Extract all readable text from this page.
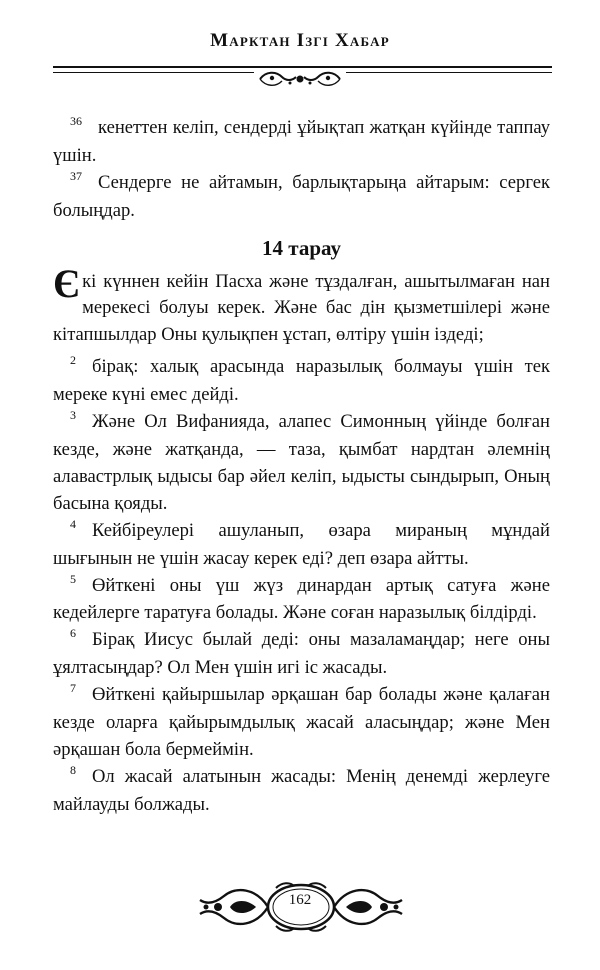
Марктан Ізгі Хабар

$^{36}$ кенеттен келіп, сендерді ұйықтап жатқан күйінде таппау үшін.

$^{37}$ Сендерге не айтамын, барлықтарыңа айтарым: сергек болыңдар.

14 тарау

Єкі күннен кейін Пасха және тұздалған, ашытылмаған нан мерекесі болуы керек. Және бас дін қызметшілері және кітапшылдар Оны қулықпен ұстап, өлтіру үшін іздеді;

$^2$ бірақ: халық арасында наразылық болмауы үшін тек мереке күні емес дейді.

$^3$ Және Ол Вифанияда, алапес Симонның үйінде болған кезде, және жатқанда, — таза, қымбат нардтан әлемнің алавастрлық ыдысы бар әйел келіп, ыдысты сындырып, Оның басына қояды.

$^4$ Кейбіреулері ашуланып, өзара мираның мұндай шығынын не үшін жасау керек еді? деп өзара айтты.

$^5$ Өйткені оны үш жүз динардан артық сатуға және кедейлерге таратуға болады. Және соған наразылық білдірді.

$^6$ Бірақ Иисус былай деді: оны мазаламаңдар; неге оны ұялтасыңдар? Ол Мен үшін игі іс жасады.

$^7$ Өйткені қайыршылар әрқашан бар болады және қалаған кезде оларға қайырымдылық жасай аласыңдар; және Мен әрқашан бола бермеймін.

$^8$ Ол жасай алатынын жасады: Менің денемді жерлеуге майлауды болжады.

162
